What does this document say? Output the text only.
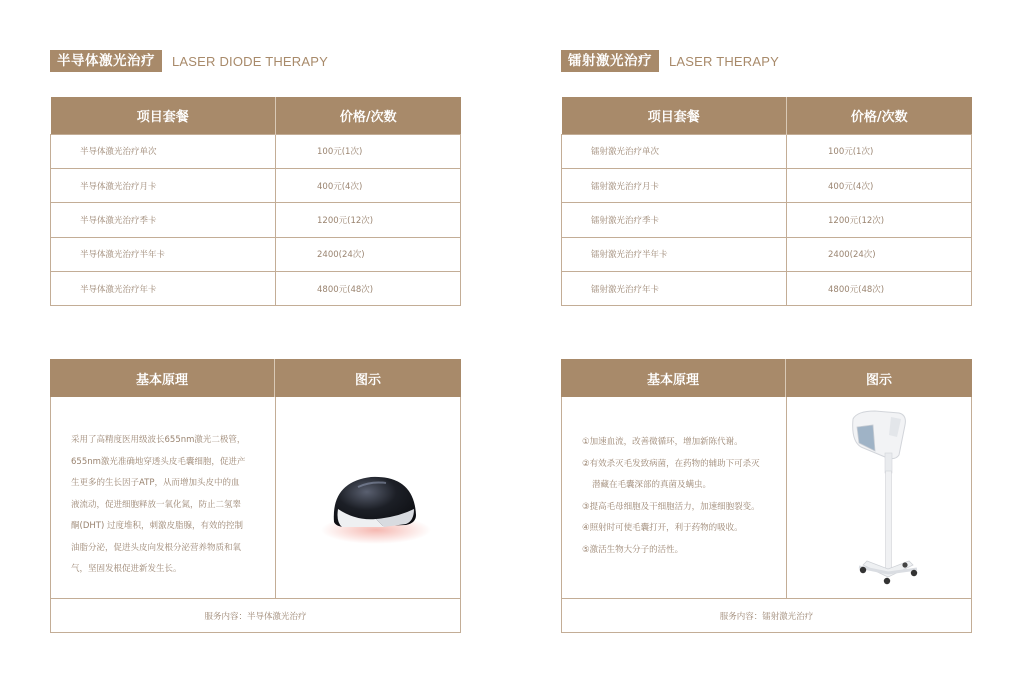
半导体激光治疗	LASER DIODE THERAPY
项目套餐	价格/次数
半导体激光治疗单次	100元(1次)
半导体激光治疗月卡	400元(4次)
半导体激光治疗季卡	1200元(12次)
半导体激光治疗半年卡	2400(24次)
半导体激光治疗年卡	4800元(48次)
基本原理	图示
采用了高精度医用级波长655nm激光二极管，
655nm激光准确地穿透头皮毛囊细胞，促进产
生更多的生长因子ATP，从而增加头皮中的血
液流动，促进细胞释放一氧化氮，防止二氢睾
酮(DHT) 过度堆积，刺激皮脂腺，有效的控制
油脂分泌，促进头皮向发根分泌营养物质和氧
气，坚固发根促进新发生长。
服务内容：半导体激光治疗
镭射激光治疗	LASER THERAPY
项目套餐	价格/次数
镭射激光治疗单次	100元(1次)
镭射激光治疗月卡	400元(4次)
镭射激光治疗季卡	1200元(12次)
镭射激光治疗半年卡	2400(24次)
镭射激光治疗年卡	4800元(48次)
基本原理	图示
①加速血流，改善微循环，增加新陈代谢。
②有效杀灭毛发致病菌，在药物的辅助下可杀灭
潜藏在毛囊深部的真菌及螨虫。
③提高毛母细胞及干细胞活力，加速细胞裂变。
④照射时可使毛囊打开，利于药物的吸收。
⑤激活生物大分子的活性。
服务内容：镭射激光治疗
